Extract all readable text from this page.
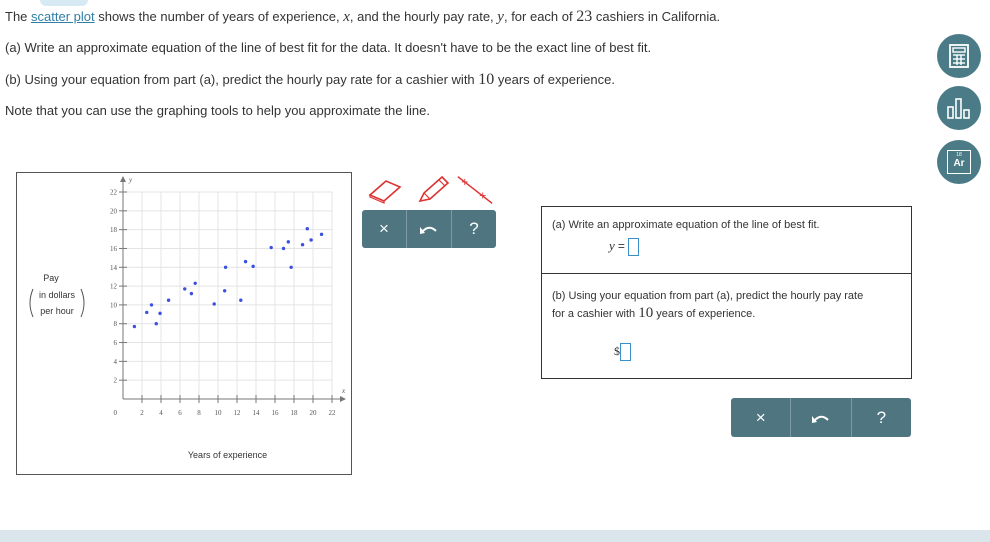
The scatter plot shows the number of years of experience, x, and the hourly pay rate, y, for each of 23 cashiers in California.
(a) Write an approximate equation of the line of best fit for the data. It doesn't have to be the exact line of best fit.
(b) Using your equation from part (a), predict the hourly pay rate for a cashier with 10 years of experience.
Note that you can use the graphing tools to help you approximate the line.
18
Ar
2 4 6 8 10 12 14 16 18 20 22
2
4
6
8
10
12
14
16
18
20
22
0
y
x
Years of experience
Pay
in dollars
per hour
+
+
×	?	(a) Write an approximate equation of the line of best fit.
y =
(b) Using your equation from part (a), predict the hourly pay rate
for a cashier with 10 years of experience.
$
×	?
